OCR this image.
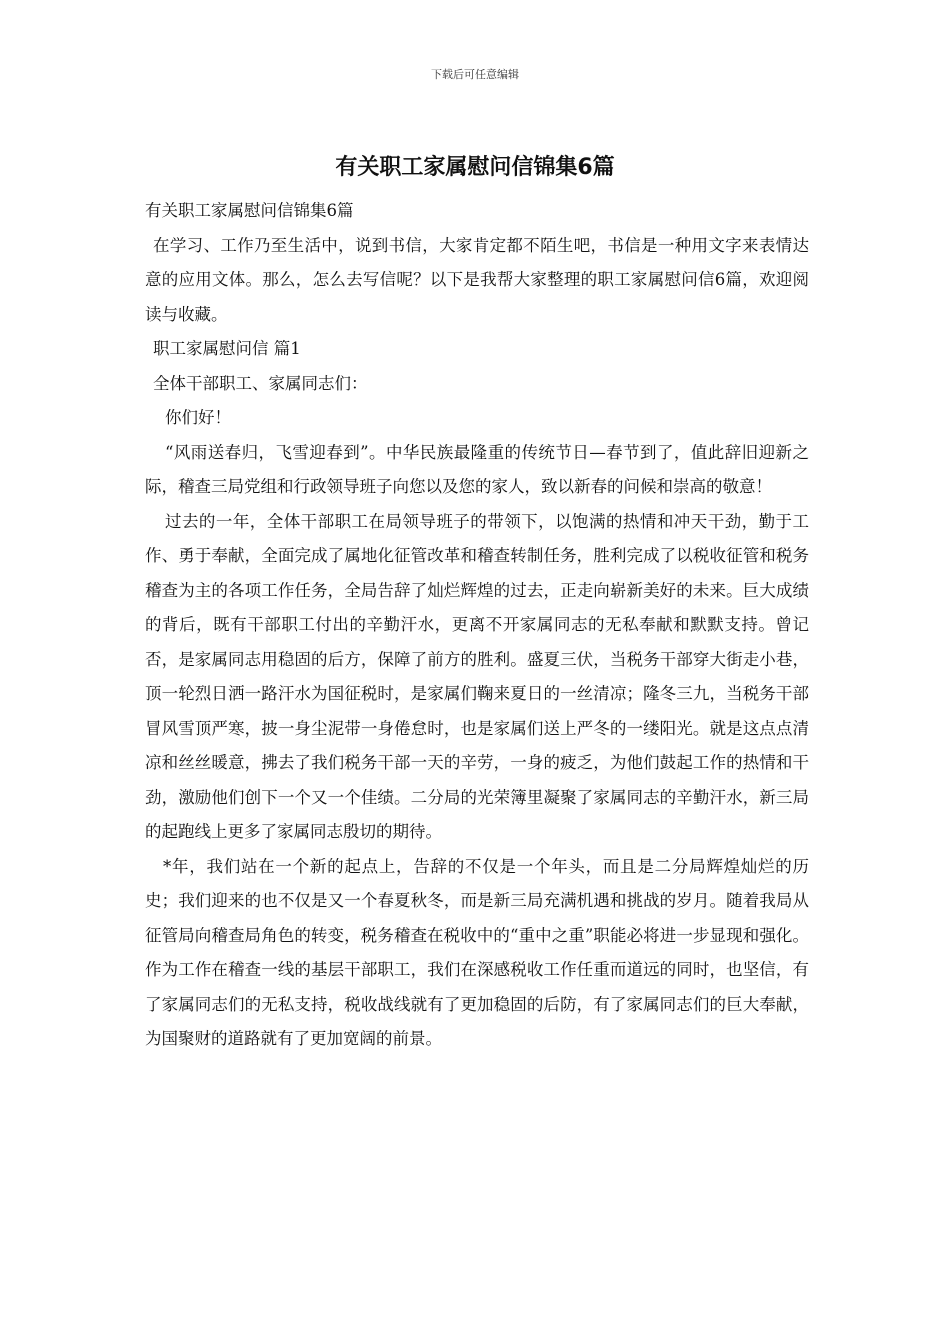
下载后可任意编辑
有关职工家属慰问信锦集6篇

有关职工家属慰问信锦集6篇

在学习、工作乃至生活中，说到书信，大家肯定都不陌生吧，书信是一种用文字来表情达意的应用文体。那么，怎么去写信呢？以下是我帮大家整理的职工家属慰问信6篇，欢迎阅读与收藏。

职工家属慰问信 篇1

全体干部职工、家属同志们：

你们好！

“风雨送春归，飞雪迎春到”。中华民族最隆重的传统节日—春节到了，值此辞旧迎新之际，稽查三局党组和行政领导班子向您以及您的家人，致以新春的问候和崇高的敬意！

过去的一年，全体干部职工在局领导班子的带领下，以饱满的热情和冲天干劲，勤于工作、勇于奉献，全面完成了属地化征管改革和稽查转制任务，胜利完成了以税收征管和税务稽查为主的各项工作任务，全局告辞了灿烂辉煌的过去，正走向崭新美好的未来。巨大成绩的背后，既有干部职工付出的辛勤汗水，更离不开家属同志的无私奉献和默默支持。曾记否，是家属同志用稳固的后方，保障了前方的胜利。盛夏三伏，当税务干部穿大街走小巷，顶一轮烈日洒一路汗水为国征税时，是家属们鞠来夏日的一丝清凉；隆冬三九，当税务干部冒风雪顶严寒，披一身尘泥带一身倦怠时，也是家属们送上严冬的一缕阳光。就是这点点清凉和丝丝暖意，拂去了我们税务干部一天的辛劳，一身的疲乏，为他们鼓起工作的热情和干劲，激励他们创下一个又一个佳绩。二分局的光荣簿里凝聚了家属同志的辛勤汗水，新三局的起跑线上更多了家属同志殷切的期待。

*年，我们站在一个新的起点上，告辞的不仅是一个年头，而且是二分局辉煌灿烂的历史；我们迎来的也不仅是又一个春夏秋冬，而是新三局充满机遇和挑战的岁月。随着我局从征管局向稽查局角色的转变，税务稽查在税收中的“重中之重”职能必将进一步显现和强化。作为工作在稽查一线的基层干部职工，我们在深感税收工作任重而道远的同时，也坚信，有了家属同志们的无私支持，税收战线就有了更加稳固的后防，有了家属同志们的巨大奉献，为国聚财的道路就有了更加宽阔的前景。
